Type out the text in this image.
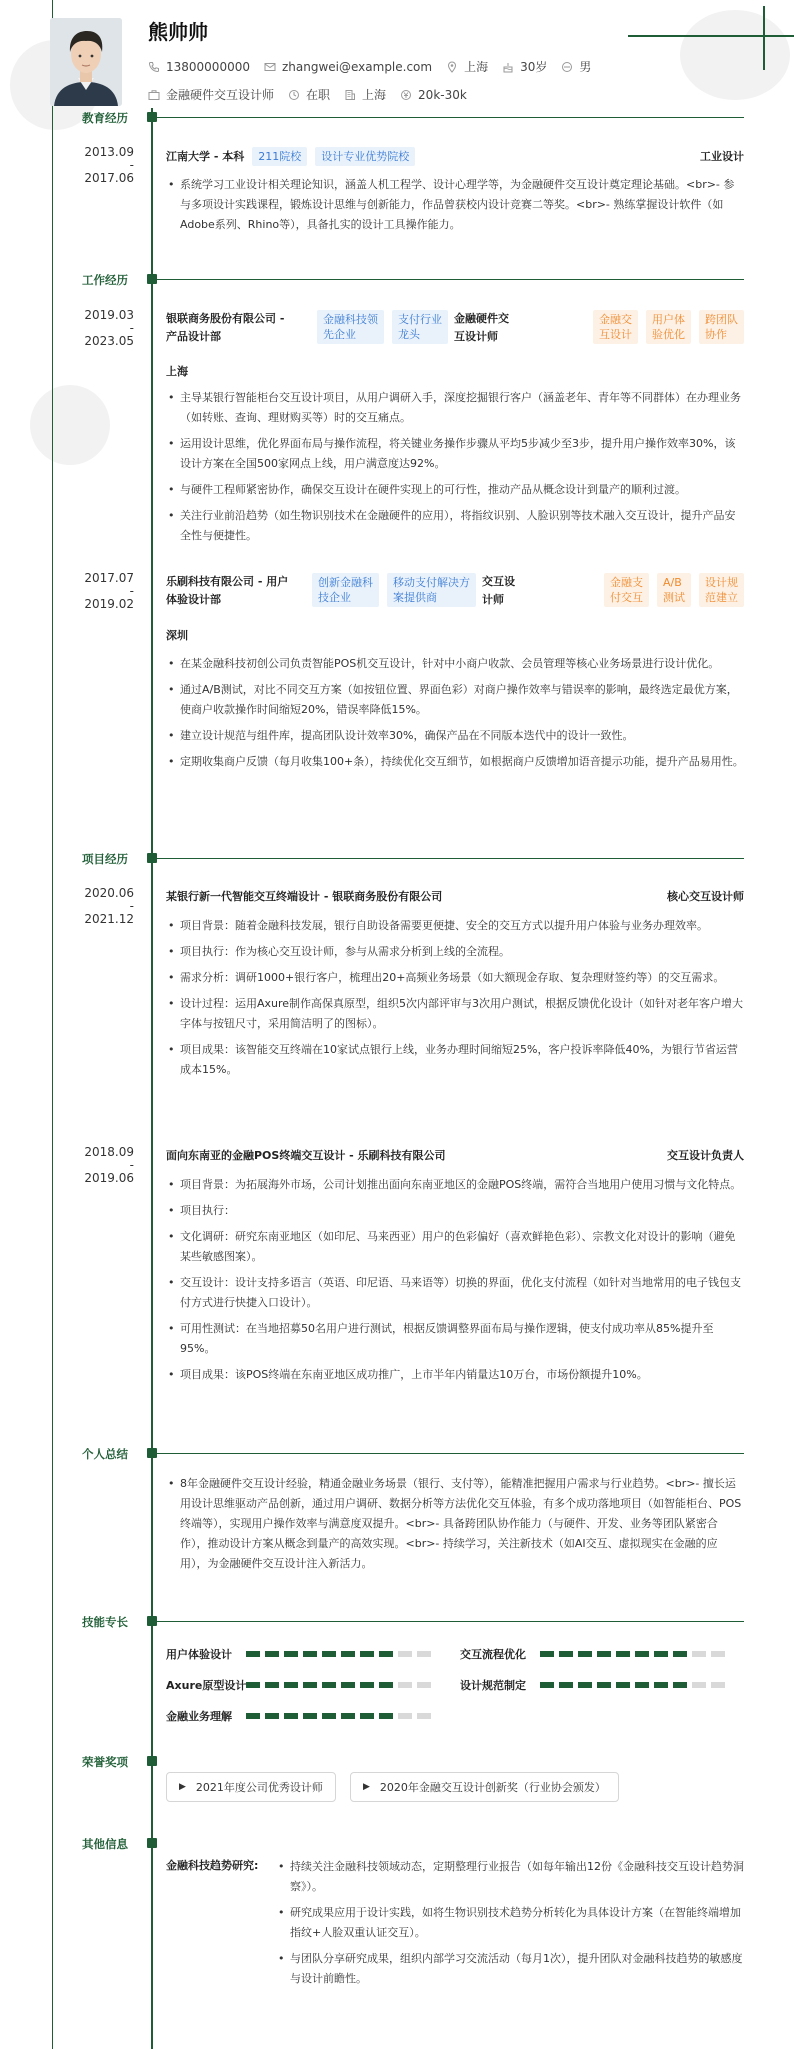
熊帅帅
13800000000	zhangwei@example.com	上海	30岁	男
金融硬件交互设计师	在职	上海	20k-30k
教育经历
2013.09
-
2017.06
江南大学 - 本科	211院校	设计专业优势院校	工业设计
• 系统学习工业设计相关理论知识，涵盖人机工程学、设计心理学等，为金融硬件交互设计奠定理论基础。<br>- 参与多项设计实践课程，锻炼设计思维与创新能力，作品曾获校内设计竞赛二等奖。<br>- 熟练掌握设计软件（如Adobe系列、Rhino等），具备扎实的设计工具操作能力。
工作经历
2019.03
-
2023.05
银联商务股份有限公司 -
产品设计部
金融科技领
先企业
支付行业
龙头
金融硬件交
互设计师
金融交
互设计
用户体
验优化
跨团队
协作
上海
• 主导某银行智能柜台交互设计项目，从用户调研入手，深度挖掘银行客户（涵盖老年、青年等不同群体）在办理业务（如转账、查询、理财购买等）时的交互痛点。
• 运用设计思维，优化界面布局与操作流程，将关键业务操作步骤从平均5步减少至3步，提升用户操作效率30%，该设计方案在全国500家网点上线，用户满意度达92%。
• 与硬件工程师紧密协作，确保交互设计在硬件实现上的可行性，推动产品从概念设计到量产的顺利过渡。
• 关注行业前沿趋势（如生物识别技术在金融硬件的应用），将指纹识别、人脸识别等技术融入交互设计，提升产品安全性与便捷性。
2017.07
-
2019.02
乐刷科技有限公司 - 用户
体验设计部
创新金融科
技企业
移动支付解决方
案提供商
交互设
计师
金融支
付交互
A/B
测试
设计规
范建立
深圳
• 在某金融科技初创公司负责智能POS机交互设计，针对中小商户收款、会员管理等核心业务场景进行设计优化。
• 通过A/B测试，对比不同交互方案（如按钮位置、界面色彩）对商户操作效率与错误率的影响，最终选定最优方案，使商户收款操作时间缩短20%，错误率降低15%。
• 建立设计规范与组件库，提高团队设计效率30%，确保产品在不同版本迭代中的设计一致性。
• 定期收集商户反馈（每月收集100+条），持续优化交互细节，如根据商户反馈增加语音提示功能，提升产品易用性。
项目经历
2020.06
-
2021.12
某银行新一代智能交互终端设计 - 银联商务股份有限公司	核心交互设计师
• 项目背景：随着金融科技发展，银行自助设备需要更便捷、安全的交互方式以提升用户体验与业务办理效率。
• 项目执行：作为核心交互设计师，参与从需求分析到上线的全流程。
• 需求分析：调研1000+银行客户，梳理出20+高频业务场景（如大额现金存取、复杂理财签约等）的交互需求。
• 设计过程：运用Axure制作高保真原型，组织5次内部评审与3次用户测试，根据反馈优化设计（如针对老年客户增大字体与按钮尺寸，采用简洁明了的图标）。
• 项目成果：该智能交互终端在10家试点银行上线，业务办理时间缩短25%，客户投诉率降低40%，为银行节省运营成本15%。
2018.09
-
2019.06
面向东南亚的金融POS终端交互设计 - 乐刷科技有限公司	交互设计负责人
• 项目背景：为拓展海外市场，公司计划推出面向东南亚地区的金融POS终端，需符合当地用户使用习惯与文化特点。
• 项目执行：
• 文化调研：研究东南亚地区（如印尼、马来西亚）用户的色彩偏好（喜欢鲜艳色彩）、宗教文化对设计的影响（避免某些敏感图案）。
• 交互设计：设计支持多语言（英语、印尼语、马来语等）切换的界面，优化支付流程（如针对当地常用的电子钱包支付方式进行快捷入口设计）。
• 可用性测试：在当地招募50名用户进行测试，根据反馈调整界面布局与操作逻辑，使支付成功率从85%提升至95%。
• 项目成果：该POS终端在东南亚地区成功推广，上市半年内销量达10万台，市场份额提升10%。
个人总结
• 8年金融硬件交互设计经验，精通金融业务场景（银行、支付等），能精准把握用户需求与行业趋势。<br>- 擅长运用设计思维驱动产品创新，通过用户调研、数据分析等方法优化交互体验，有多个成功落地项目（如智能柜台、POS终端等），实现用户操作效率与满意度双提升。<br>- 具备跨团队协作能力（与硬件、开发、业务等团队紧密合作），推动设计方案从概念到量产的高效实现。<br>- 持续学习，关注新技术（如AI交互、虚拟现实在金融的应用），为金融硬件交互设计注入新活力。
技能专长
用户体验设计	交互流程优化
Axure原型设计	设计规范制定
金融业务理解
荣誉奖项
▶ 2021年度公司优秀设计师	▶ 2020年金融交互设计创新奖（行业协会颁发）
其他信息
金融科技趋势研究:
•	持续关注金融科技领域动态，定期整理行业报告（如每年输出12份《金融科技交互设计趋势洞察》）。
• 研究成果应用于设计实践，如将生物识别技术趋势分析转化为具体设计方案（在智能终端增加指纹+人脸双重认证交互）。
• 与团队分享研究成果，组织内部学习交流活动（每月1次），提升团队对金融科技趋势的敏感度与设计前瞻性。
